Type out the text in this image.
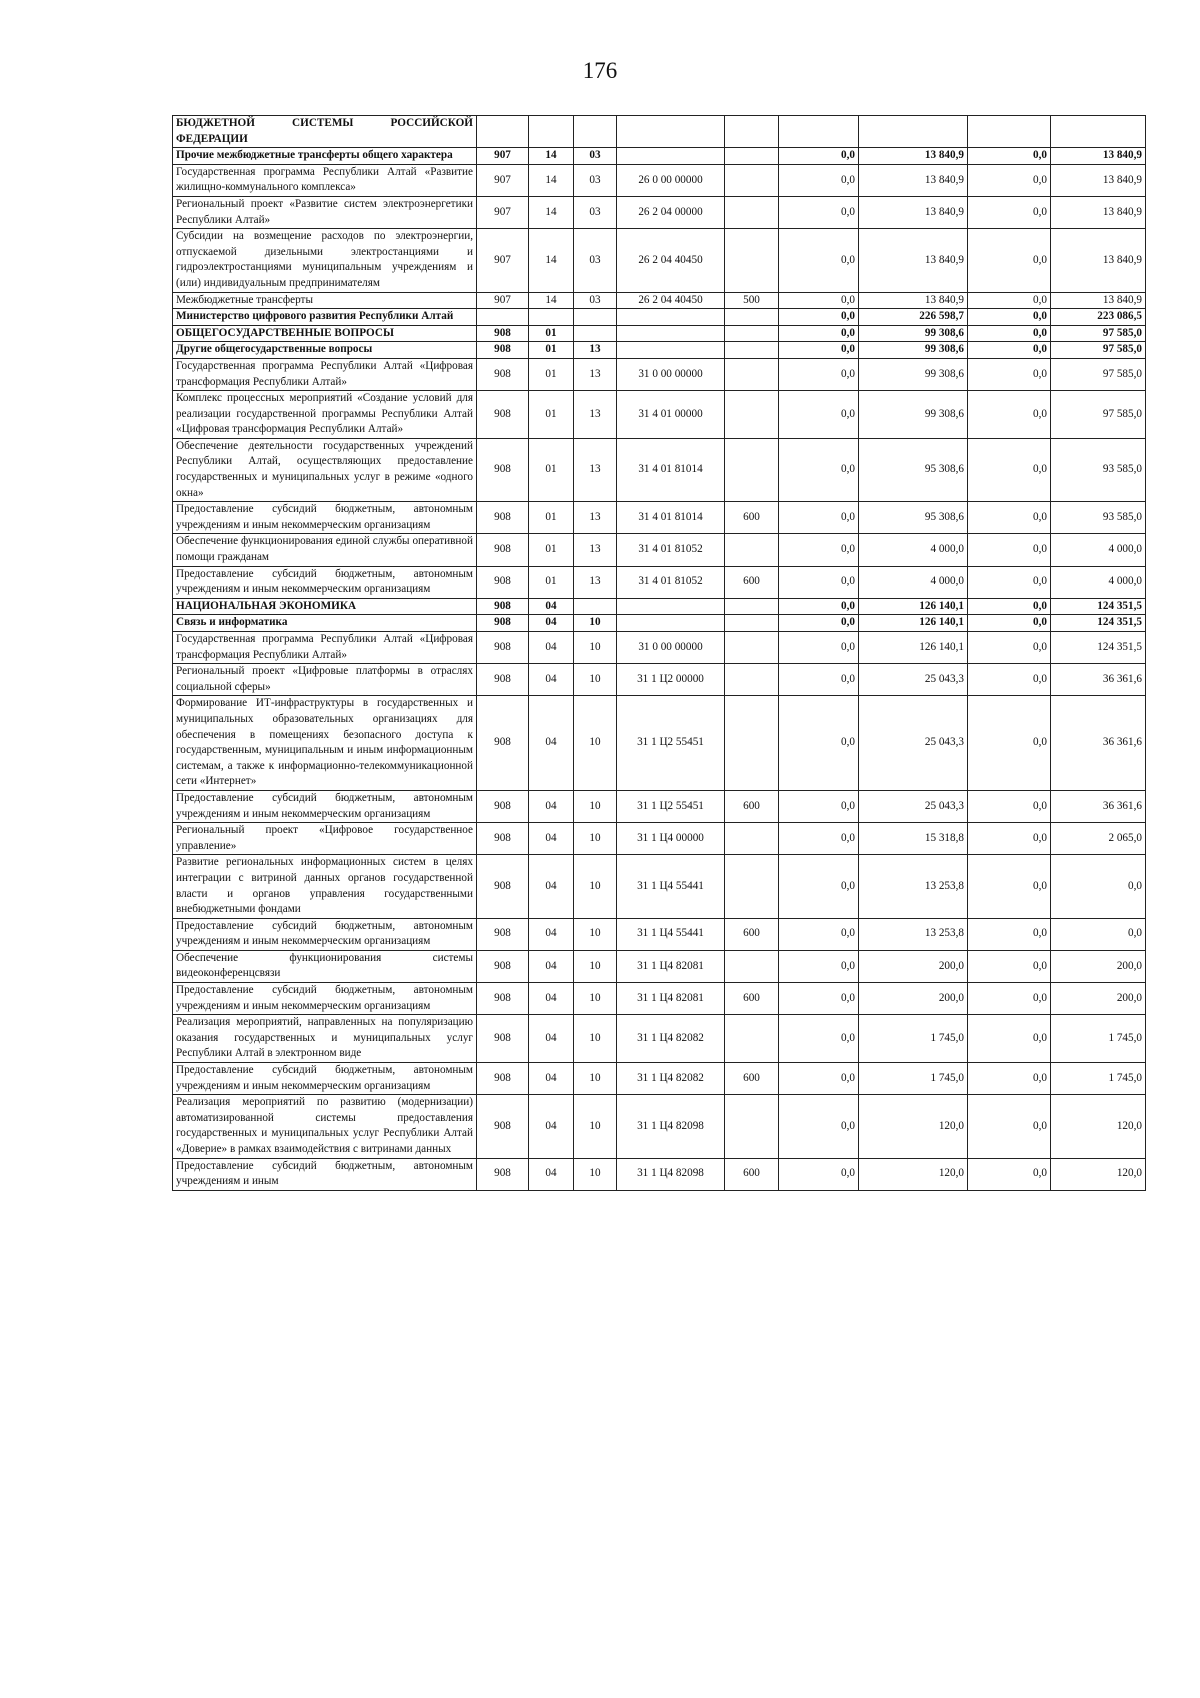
176
БЮДЖЕТНОЙ СИСТЕМЫ РОССИЙСКОЙ ФЕДЕРАЦИИ									
Прочие межбюджетные трансферты общего характера	907	14	03			0,0	13 840,9	0,0	13 840,9
Государственная программа Республики Алтай «Развитие жилищно-коммунального комплекса»	907	14	03	26 0 00 00000		0,0	13 840,9	0,0	13 840,9
Региональный проект «Развитие систем электроэнергетики Республики Алтай»	907	14	03	26 2 04 00000		0,0	13 840,9	0,0	13 840,9
Субсидии на возмещение расходов по электроэнергии, отпускаемой дизельными электростанциями и гидроэлектростанциями муниципальным учреждениям и (или) индивидуальным предпринимателям	907	14	03	26 2 04 40450		0,0	13 840,9	0,0	13 840,9
Межбюджетные трансферты	907	14	03	26 2 04 40450	500	0,0	13 840,9	0,0	13 840,9
Министерство цифрового развития Республики Алтай						0,0	226 598,7	0,0	223 086,5
ОБЩЕГОСУДАРСТВЕННЫЕ ВОПРОСЫ	908	01				0,0	99 308,6	0,0	97 585,0
Другие общегосударственные вопросы	908	01	13			0,0	99 308,6	0,0	97 585,0
Государственная программа Республики Алтай «Цифровая трансформация Республики Алтай»	908	01	13	31 0 00 00000		0,0	99 308,6	0,0	97 585,0
Комплекс процессных мероприятий «Создание условий для реализации государственной программы Республики Алтай «Цифровая трансформация Республики Алтай»	908	01	13	31 4 01 00000		0,0	99 308,6	0,0	97 585,0
Обеспечение деятельности государственных учреждений Республики Алтай, осуществляющих предоставление государственных и муниципальных услуг в режиме «одного окна»	908	01	13	31 4 01 81014		0,0	95 308,6	0,0	93 585,0
Предоставление субсидий бюджетным, автономным учреждениям и иным некоммерческим организациям	908	01	13	31 4 01 81014	600	0,0	95 308,6	0,0	93 585,0
Обеспечение функционирования единой службы оперативной помощи гражданам	908	01	13	31 4 01 81052		0,0	4 000,0	0,0	4 000,0
Предоставление субсидий бюджетным, автономным учреждениям и иным некоммерческим организациям	908	01	13	31 4 01 81052	600	0,0	4 000,0	0,0	4 000,0
НАЦИОНАЛЬНАЯ ЭКОНОМИКА	908	04				0,0	126 140,1	0,0	124 351,5
Связь и информатика	908	04	10			0,0	126 140,1	0,0	124 351,5
Государственная программа Республики Алтай «Цифровая трансформация Республики Алтай»	908	04	10	31 0 00 00000		0,0	126 140,1	0,0	124 351,5
Региональный проект «Цифровые платформы в отраслях социальной сферы»	908	04	10	31 1 Ц2 00000		0,0	25 043,3	0,0	36 361,6
Формирование ИТ-инфраструктуры в государственных и муниципальных образовательных организациях для обеспечения в помещениях безопасного доступа к государственным, муниципальным и иным информационным системам, а также к информационно-телекоммуникационной сети «Интернет»	908	04	10	31 1 Ц2 55451		0,0	25 043,3	0,0	36 361,6
Предоставление субсидий бюджетным, автономным учреждениям и иным некоммерческим организациям	908	04	10	31 1 Ц2 55451	600	0,0	25 043,3	0,0	36 361,6
Региональный проект «Цифровое государственное управление»	908	04	10	31 1 Ц4 00000		0,0	15 318,8	0,0	2 065,0
Развитие региональных информационных систем в целях интеграции с витриной данных органов государственной власти и органов управления государственными внебюджетными фондами	908	04	10	31 1 Ц4 55441		0,0	13 253,8	0,0	0,0
Предоставление субсидий бюджетным, автономным учреждениям и иным некоммерческим организациям	908	04	10	31 1 Ц4 55441	600	0,0	13 253,8	0,0	0,0
Обеспечение функционирования системы видеоконференцсвязи	908	04	10	31 1 Ц4 82081		0,0	200,0	0,0	200,0
Предоставление субсидий бюджетным, автономным учреждениям и иным некоммерческим организациям	908	04	10	31 1 Ц4 82081	600	0,0	200,0	0,0	200,0
Реализация мероприятий, направленных на популяризацию оказания государственных и муниципальных услуг Республики Алтай в электронном виде	908	04	10	31 1 Ц4 82082		0,0	1 745,0	0,0	1 745,0
Предоставление субсидий бюджетным, автономным учреждениям и иным некоммерческим организациям	908	04	10	31 1 Ц4 82082	600	0,0	1 745,0	0,0	1 745,0
Реализация мероприятий по развитию (модернизации) автоматизированной системы предоставления государственных и муниципальных услуг Республики Алтай «Доверие» в рамках взаимодействия с витринами данных	908	04	10	31 1 Ц4 82098		0,0	120,0	0,0	120,0
Предоставление субсидий бюджетным, автономным учреждениям и иным	908	04	10	31 1 Ц4 82098	600	0,0	120,0	0,0	120,0
